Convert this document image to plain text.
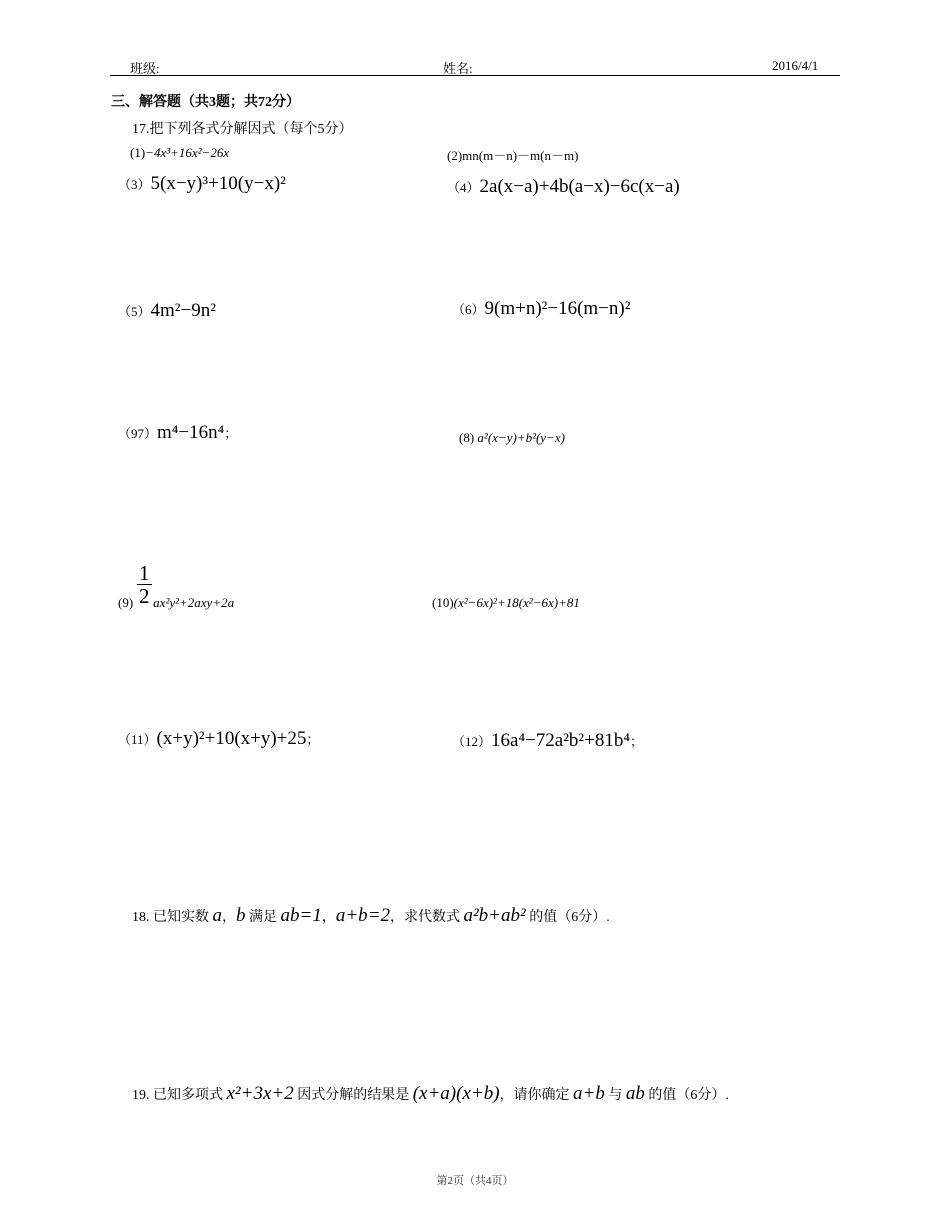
班级:	姓名:	2016/4/1
三、解答题（共3题；共72分）
17.把下列各式分解因式（每个5分）
(1)−4x³+16x²−26x	(2)mn(m－n)－m(n－m)
（3）5(x−y)³+10(y−x)²	（4）2a(x−a)+4b(a−x)−6c(x−a)
（5）4m²−9n²	（6）9(m+n)²−16(m−n)²
（97）m⁴−16n⁴；	(8) a²(x−y)+b²(y−x)
$\frac{1}{2}$
(9) ax²y²+2axy+2a	(10)(x²−6x)²+18(x²−6x)+81
（11）(x+y)²+10(x+y)+25；	（12）16a⁴−72a²b²+81b⁴；
18. 已知实数 a，b 满足 ab=1，a+b=2，求代数式 a²b+ab² 的值（6分）.
19. 已知多项式 x²+3x+2 因式分解的结果是 (x+a)(x+b)，请你确定 a+b 与 ab 的值（6分）.
第2页（共4页）
